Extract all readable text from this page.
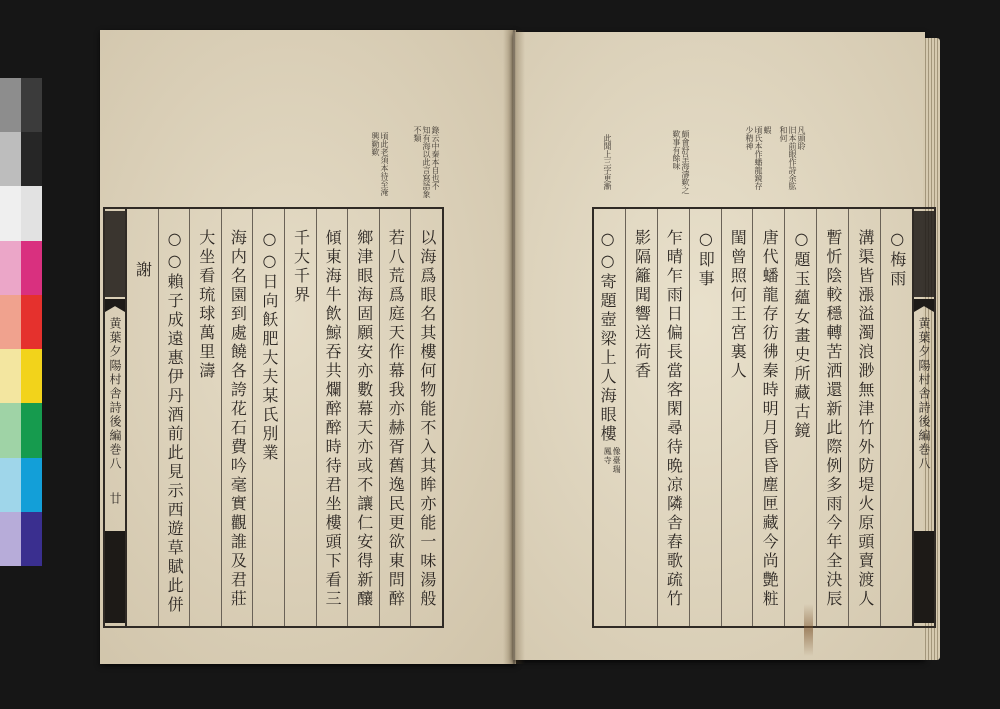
黄葉夕陽村舎詩後編巻八
廿	以海爲眼名其樓何物能不入其眸亦能一味湯般
若八荒爲庭天作幕我亦赫胥舊逸民更欲東問醉
鄉津眼海固願安亦數幕天亦或不讓仁安得新釀
傾東海牛飲鯨吞共爛醉醉時待君坐樓頭下看三
千大千界
○○日向飫肥大夫某氏別業
海内名園到處饒各誇花石費吟毫實觀誰及君莊
大坐看琉球萬里濤
○○賴子成遠惠伊丹酒前此見示西遊草賦此併
謝	○梅雨
溝渠皆漲溢濁浪渺無津竹外防堤火原頭賣渡人
暫忻陰較穩轉苦洒還新此際例多雨今年全決辰
○題玉蘊女畫史所藏古鏡
唐代蟠龍存彷彿秦時明月昏昏塵匣藏今尚艶粧
閨曾照何王宮裏人
○即事
乍晴乍雨日偏長當客閑尋待晩凉隣舎舂歌疏竹
影隔籬聞響送荷香
○○寄題壺梁上人海眼樓像臺瑞
鳳寺	黄葉夕陽村舎詩後編巻八
錄云中秦本自也不
知有海以此言寫語象
不類
頃此老須本待至淹
興勤歎	凡頭聆
旧本前眼作詩余肱
和何
蝦
頃氏本作蟠龍鏡存
少精神
頗會舒呈海濤歎之
歎事有餘味
此聞上三字更漸
